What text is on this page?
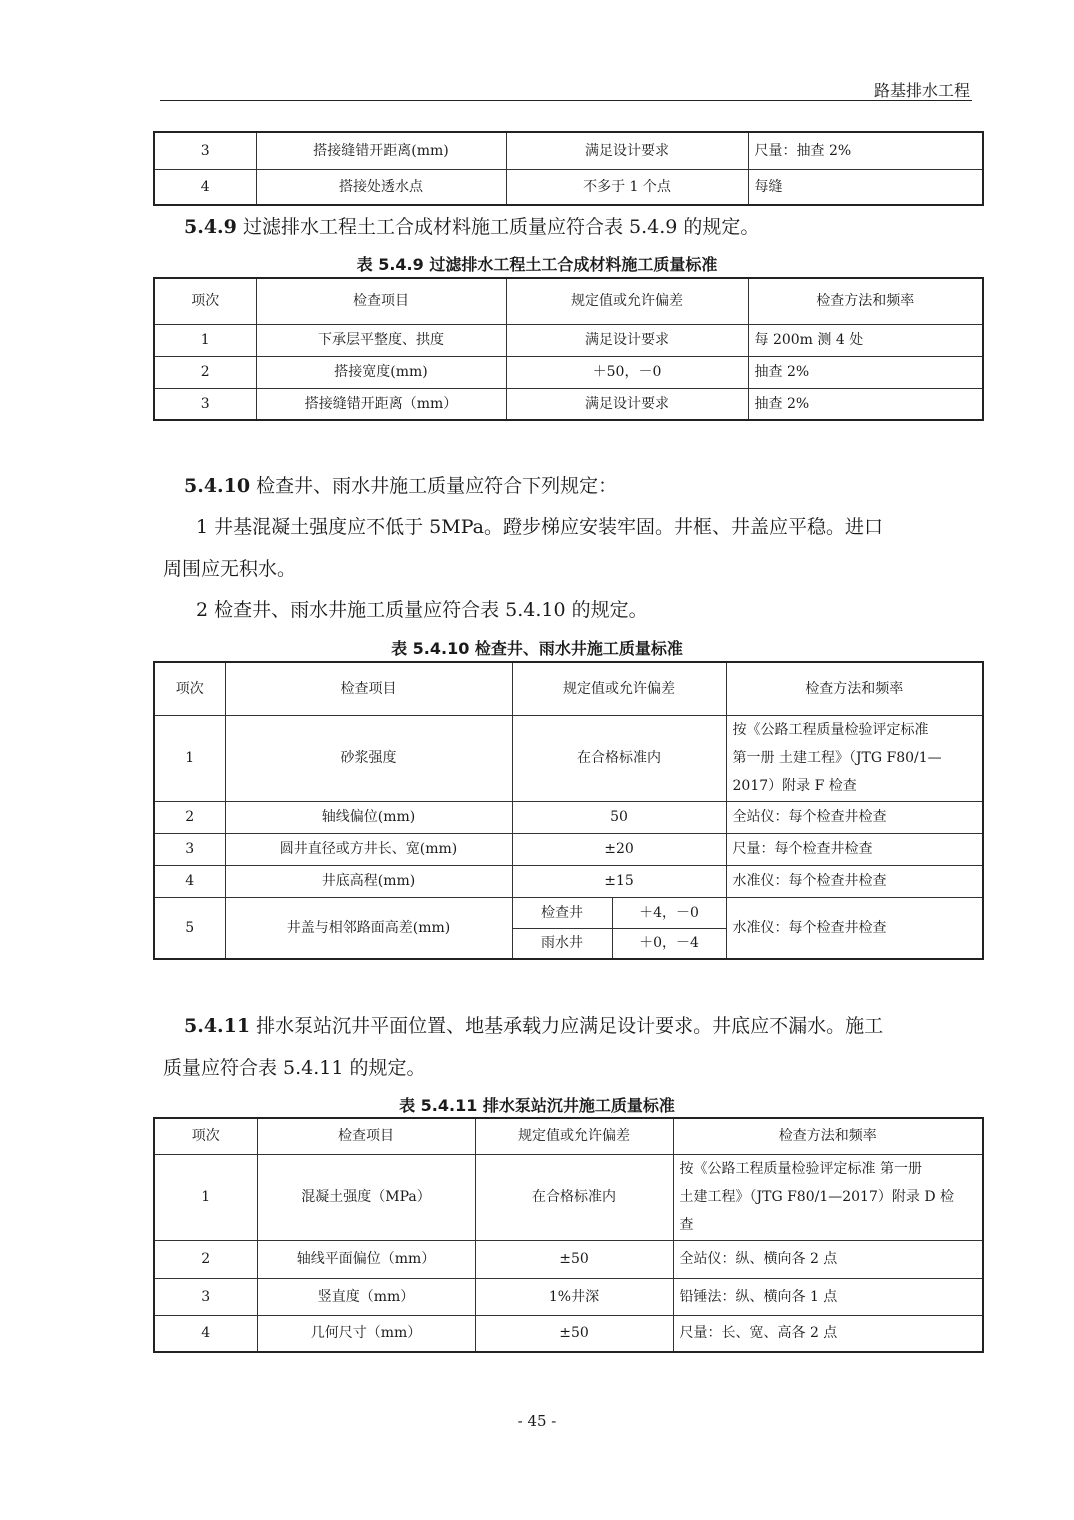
路基排水工程
3	搭接缝错开距离(mm)	满足设计要求	尺量：抽查 2%
4	搭接处透水点	不多于 1 个点	每缝
5.4.9 过滤排水工程土工合成材料施工质量应符合表 5.4.9 的规定。
表 5.4.9 过滤排水工程土工合成材料施工质量标准
项次	检查项目	规定值或允许偏差	检查方法和频率
1	下承层平整度、拱度	满足设计要求	每 200m 测 4 处
2	搭接宽度(mm)	＋50，－0	抽查 2%
3	搭接缝错开距离（mm）	满足设计要求	抽查 2%
5.4.10 检查井、雨水井施工质量应符合下列规定：
1 井基混凝土强度应不低于 5MPa。蹬步梯应安装牢固。井框、井盖应平稳。进口
周围应无积水。
2 检查井、雨水井施工质量应符合表 5.4.10 的规定。
表 5.4.10 检查井、雨水井施工质量标准
项次	检查项目	规定值或允许偏差		检查方法和频率
1	砂浆强度	在合格标准内		按《公路工程质量检验评定标准
第一册 土建工程》（JTG F80/1—
2017）附录 F 检查

2	轴线偏位(mm)	50		全站仪：每个检查井检查
3	圆井直径或方井长、宽(mm)	±20		尺量：每个检查井检查
4	井底高程(mm)	±15		水准仪：每个检查井检查
5	井盖与相邻路面高差(mm)	检查井	＋4，－0	水准仪：每个检查井检查
		雨水井	＋0，－4	
5.4.11 排水泵站沉井平面位置、地基承载力应满足设计要求。井底应不漏水。施工
质量应符合表 5.4.11 的规定。
表 5.4.11 排水泵站沉井施工质量标准
项次	检查项目	规定值或允许偏差	检查方法和频率
1	混凝土强度（MPa）	在合格标准内	按《公路工程质量检验评定标准 第一册
土建工程》（JTG F80/1—2017）附录 D 检
查

2	轴线平面偏位（mm）	±50	全站仪：纵、横向各 2 点
3	竖直度（mm）	1%井深	铅锤法：纵、横向各 1 点
4	几何尺寸（mm）	±50	尺量：长、宽、高各 2 点
- 45 -
